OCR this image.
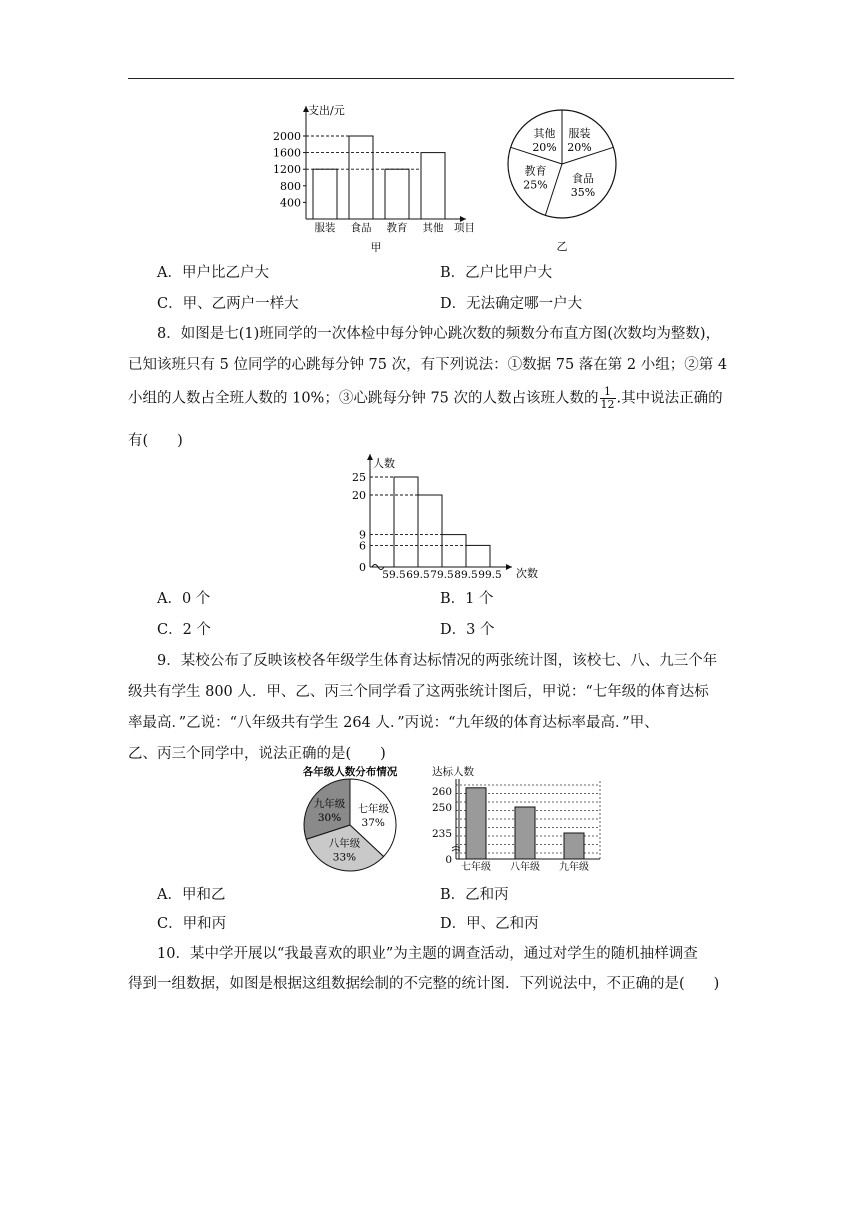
2000
1600
1200
800
400
服装 食品 教育 其他
支出/元
项目
甲
服装
20%
食品
35%
教育
25%
其他
20%
乙
A．甲户比乙户大	B．乙户比甲户大
C．甲、乙两户一样大	D．无法确定哪一户大
8．如图是七(1)班同学的一次体检中每分钟心跳次数的频数分布直方图(次数均为整数)，
已知该班只有 5 位同学的心跳每分钟 75 次，有下列说法：①数据 75 落在第 2 小组；②第 4
小组的人数占全班人数的 10%；③心跳每分钟 75 次的人数占该班人数的 $\frac{1}{12}$ .其中说法正确的
有(　　)
25
20
9
6
0
59.5 69.5 79.5 89.5 99.5
人数
次数
A．0 个	B．1 个
C．2 个	D．3 个
9．某校公布了反映该校各年级学生体育达标情况的两张统计图，该校七、八、九三个年
级共有学生 800 人．甲、乙、丙三个同学看了这两张统计图后，甲说：“七年级的体育达标
率最高．”乙说：“八年级共有学生 264 人．”丙说：“九年级的体育达标率最高．”甲、
乙、丙三个同学中，说法正确的是(　　)
各年级人数分布情况
七年级
37%
八年级
33%
九年级
30%
达标人数
260
250
235
0
七年级 八年级 九年级
A．甲和乙	B．乙和丙
C．甲和丙	D．甲、乙和丙
10．某中学开展以“我最喜欢的职业”为主题的调查活动，通过对学生的随机抽样调查
得到一组数据，如图是根据这组数据绘制的不完整的统计图．下列说法中，不正确的是(　　)
